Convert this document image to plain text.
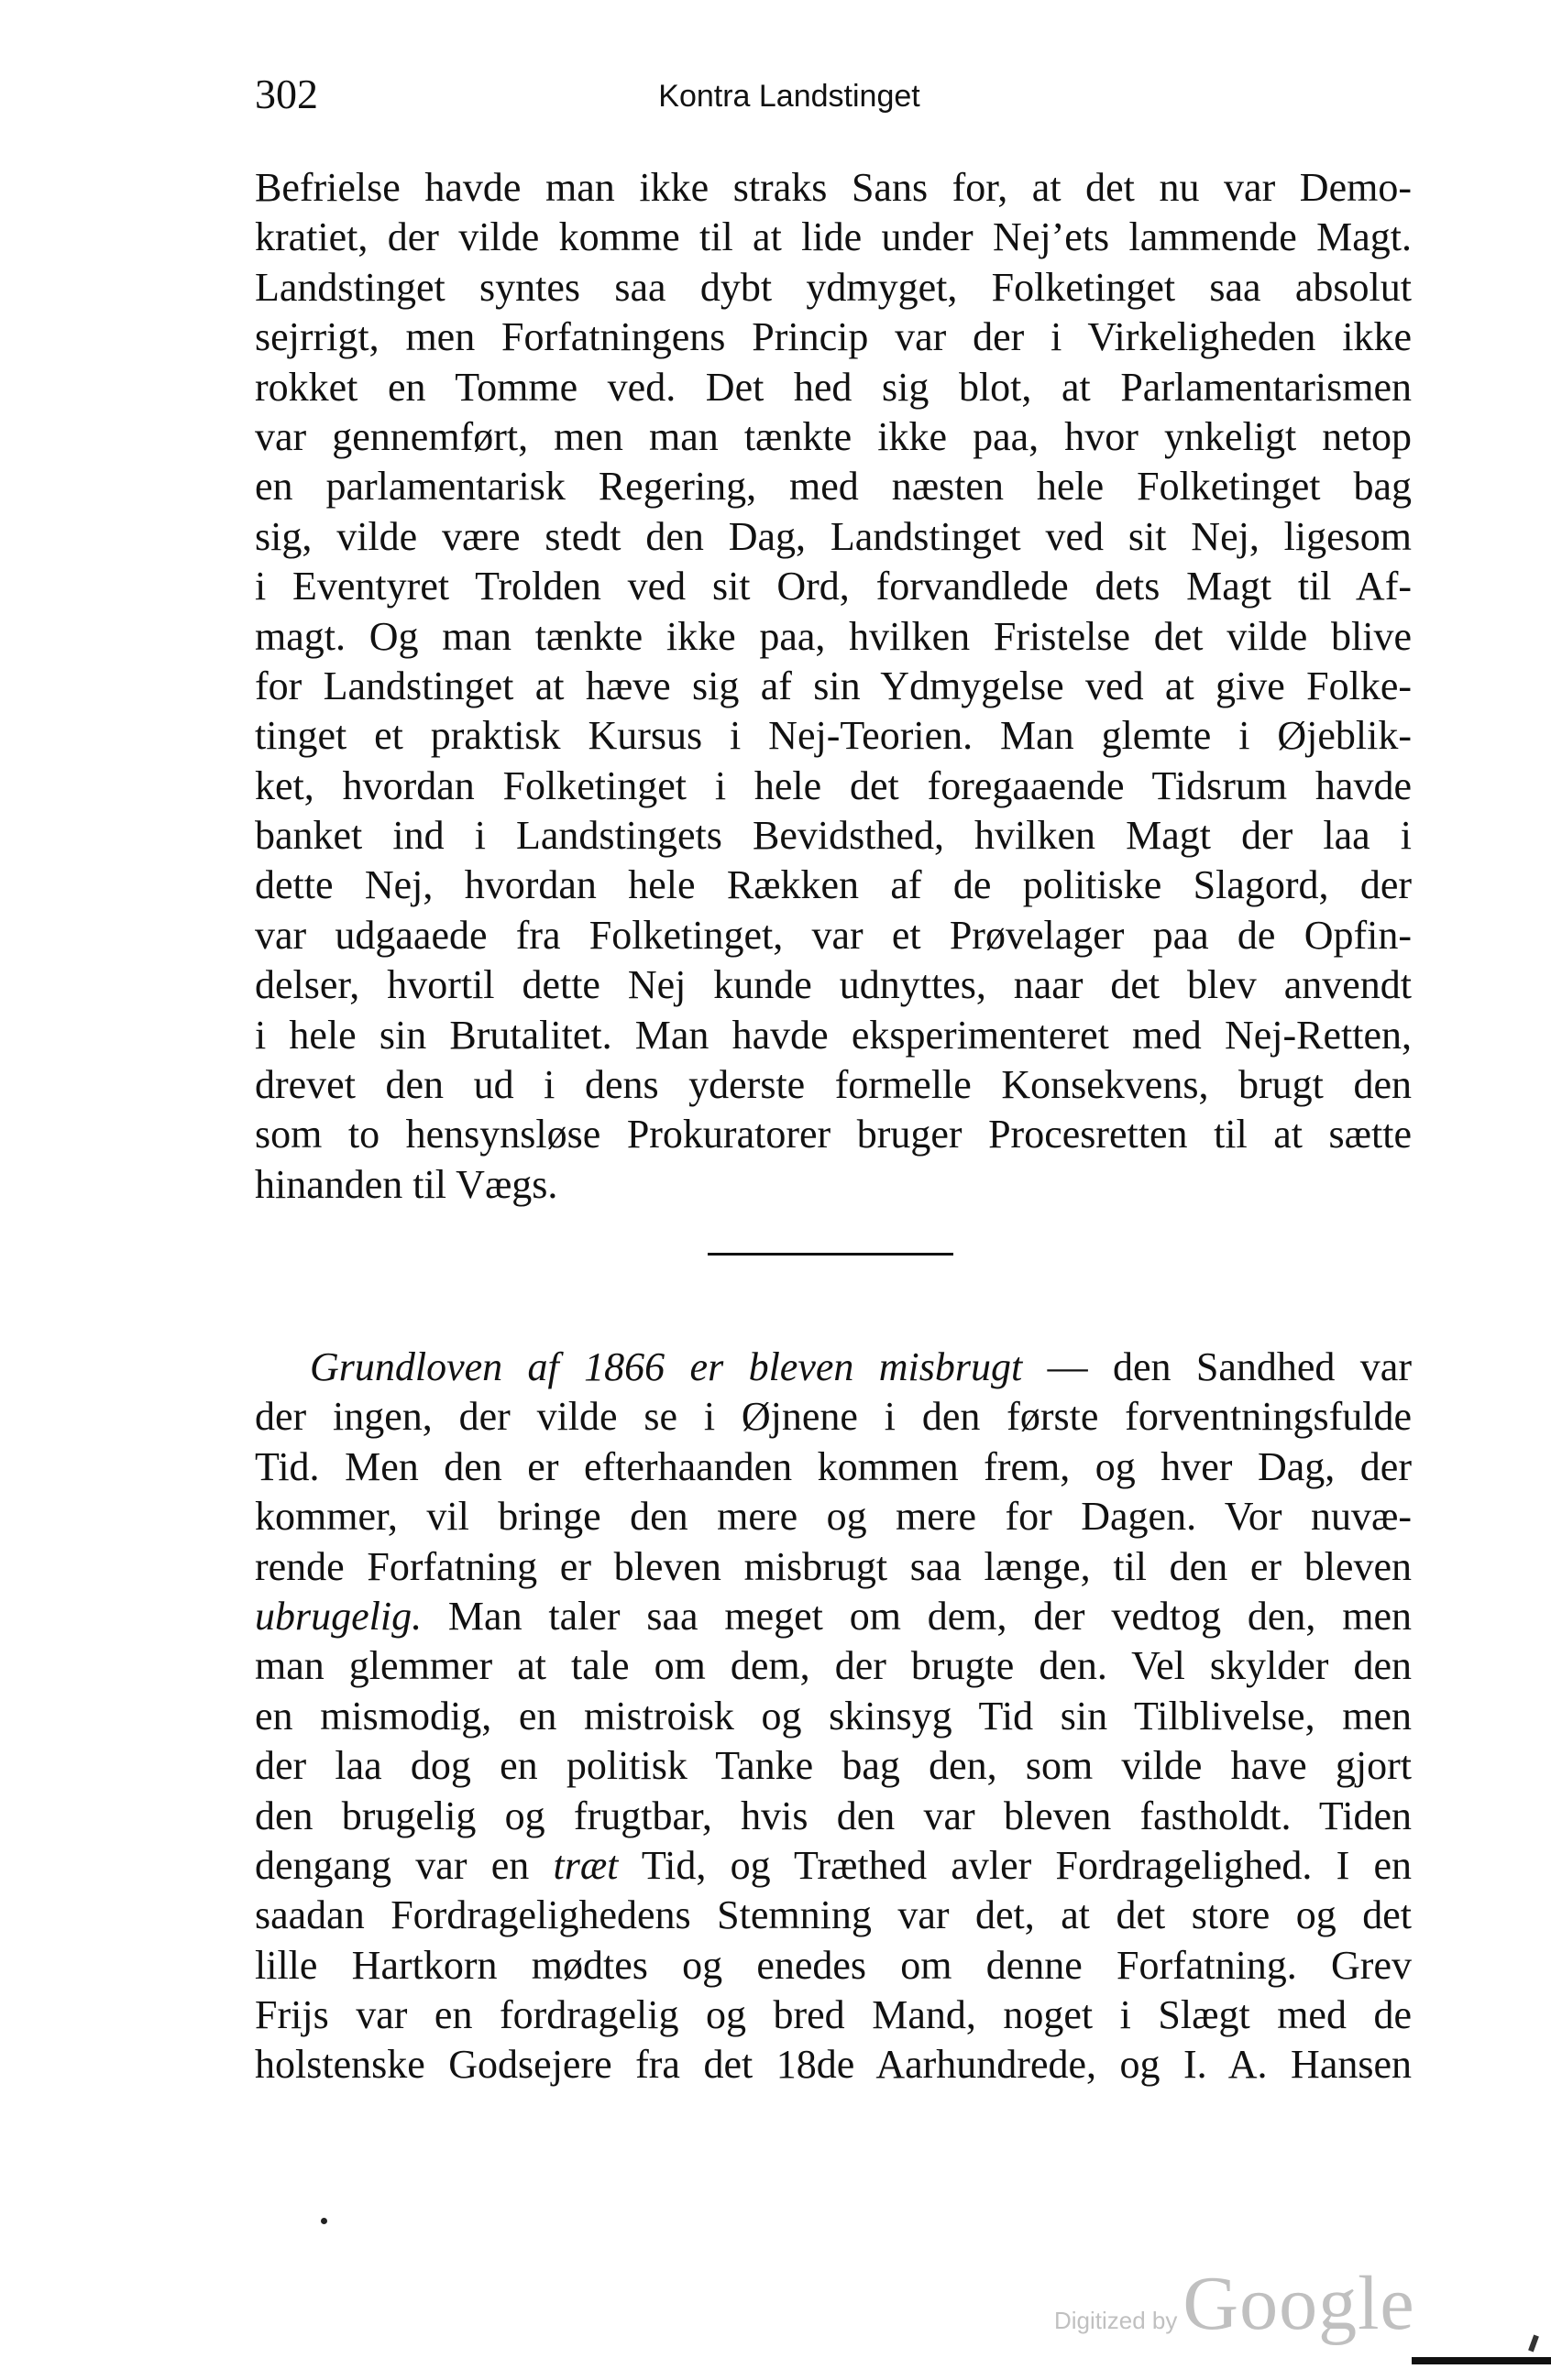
302	Kontra Landstinget
Befrielse havde man ikke straks Sans for, at det nu var Demo-
kratiet, der vilde komme til at lide under Nej’ets lammende Magt.
Landstinget syntes saa dybt ydmyget, Folketinget saa absolut
sejrrigt, men Forfatningens Princip var der i Virkeligheden ikke
rokket en Tomme ved. Det hed sig blot, at Parlamentarismen
var gennemført, men man tænkte ikke paa, hvor ynkeligt netop
en parlamentarisk Regering, med næsten hele Folketinget bag
sig, vilde være stedt den Dag, Landstinget ved sit Nej, ligesom
i Eventyret Trolden ved sit Ord, forvandlede dets Magt til Af-
magt. Og man tænkte ikke paa, hvilken Fristelse det vilde blive
for Landstinget at hæve sig af sin Ydmygelse ved at give Folke-
tinget et praktisk Kursus i Nej-Teorien. Man glemte i Øjeblik-
ket, hvordan Folketinget i hele det foregaaende Tidsrum havde
banket ind i Landstingets Bevidsthed, hvilken Magt der laa i
dette Nej, hvordan hele Rækken af de politiske Slagord, der
var udgaaede fra Folketinget, var et Prøvelager paa de Opfin-
delser, hvortil dette Nej kunde udnyttes, naar det blev anvendt
i hele sin Brutalitet. Man havde eksperimenteret med Nej-Retten,
drevet den ud i dens yderste formelle Konsekvens, brugt den
som to hensynsløse Prokuratorer bruger Procesretten til at sætte
hinanden til Vægs.
Grundloven af 1866 er bleven misbrugt — den Sandhed var
der ingen, der vilde se i Øjnene i den første forventningsfulde
Tid. Men den er efterhaanden kommen frem, og hver Dag, der
kommer, vil bringe den mere og mere for Dagen. Vor nuvæ-
rende Forfatning er bleven misbrugt saa længe, til den er bleven
ubrugelig. Man taler saa meget om dem, der vedtog den, men
man glemmer at tale om dem, der brugte den. Vel skylder den
en mismodig, en mistroisk og skinsyg Tid sin Tilblivelse, men
der laa dog en politisk Tanke bag den, som vilde have gjort
den brugelig og frugtbar, hvis den var bleven fastholdt. Tiden
dengang var en træt Tid, og Træthed avler Fordragelighed. I en
saadan Fordragelighedens Stemning var det, at det store og det
lille Hartkorn mødtes og enedes om denne Forfatning. Grev
Frijs var en fordragelig og bred Mand, noget i Slægt med de
holstenske Godsejere fra det 18de Aarhundrede, og I. A. Hansen
Digitized by Google
